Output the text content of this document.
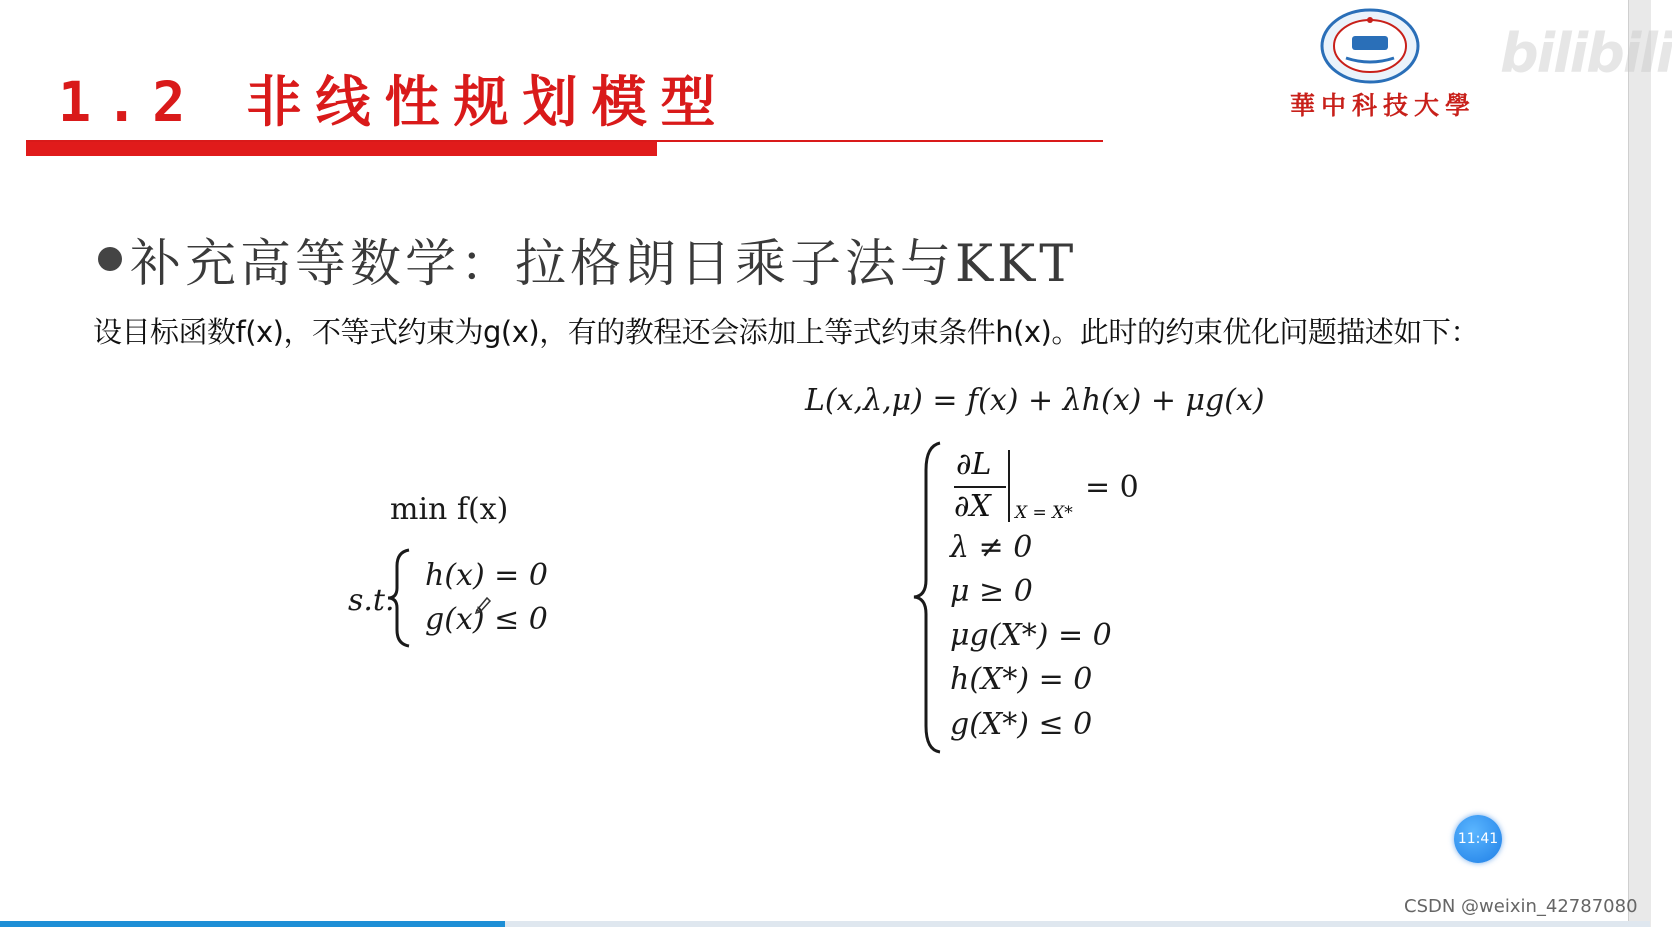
1.2 非线性规划模型	華中科技大學
bilibili
补充高等数学：拉格朗日乘子法与KKT
设目标函数f(x)，不等式约束为g(x)，有的教程还会添加上等式约束条件h(x)。此时的约束优化问题描述如下：
L(x,λ,μ) = f(x) + λh(x) + μg(x)
min f(x)
s.t.
h(x) = 0
g(x) ≤ 0
∂L
∂X X = X*
= 0
λ ≠ 0
μ ≥ 0
μg(X*) = 0
h(X*) = 0
g(X*) ≤ 0
11:41
CSDN @weixin_42787080
